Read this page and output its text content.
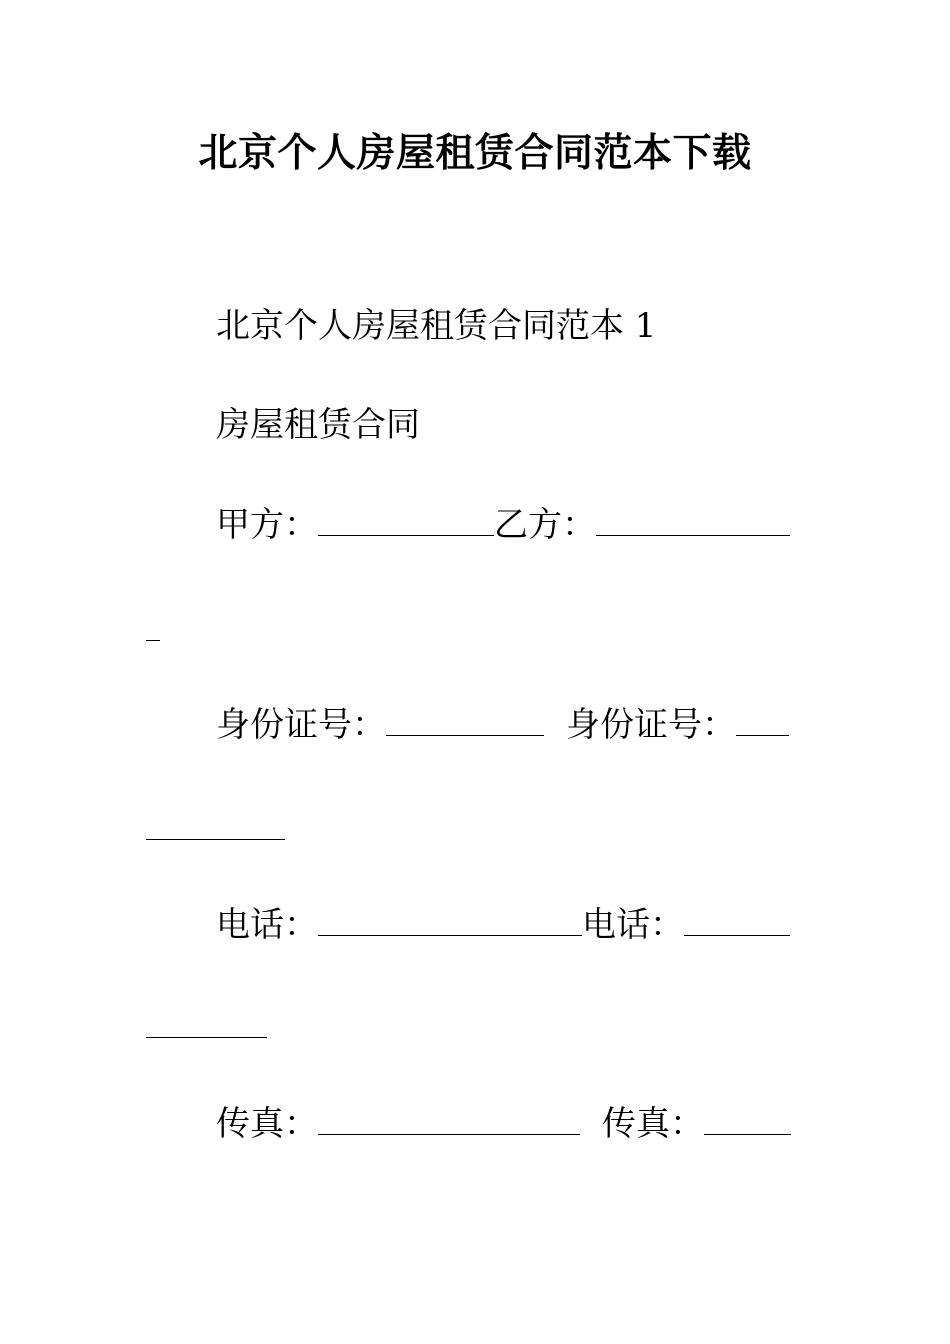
北京个人房屋租赁合同范本下载
北京个人房屋租赁合同范本 1
房屋租赁合同
甲方：	乙方：
身份证号：	身份证号：
电话：	电话：
传真：	传真：
